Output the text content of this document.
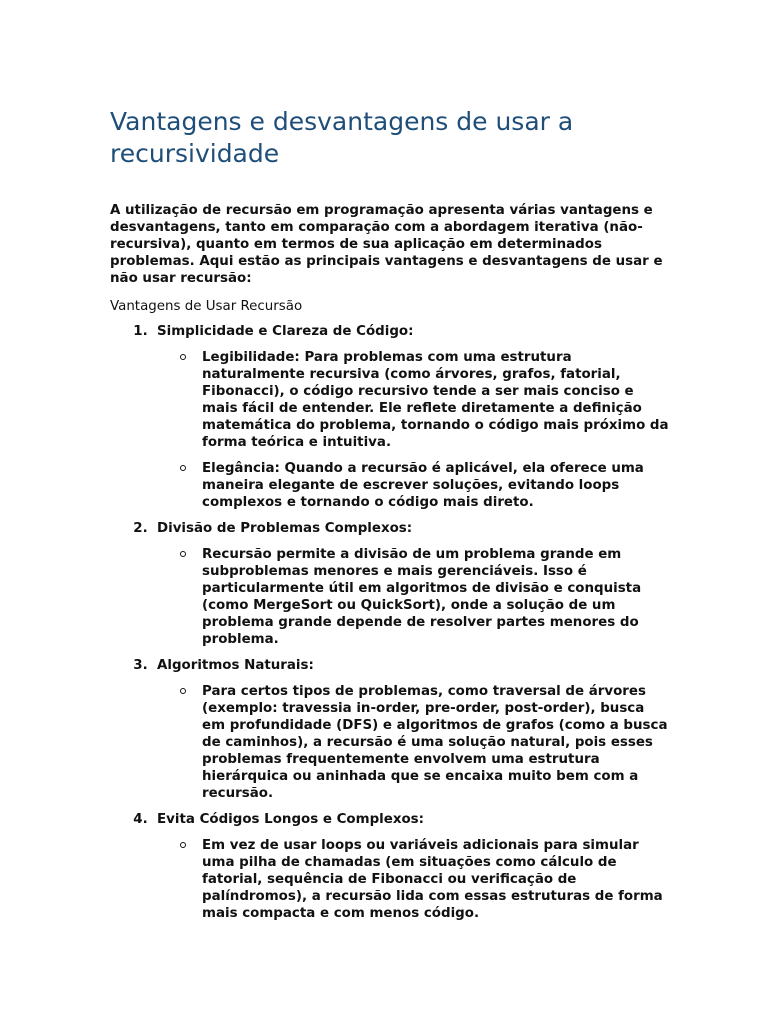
Vantagens e desvantagens de usar a recursividade

A utilização de recursão em programação apresenta várias vantagens e desvantagens, tanto em comparação com a abordagem iterativa (não-recursiva), quanto em termos de sua aplicação em determinados problemas. Aqui estão as principais vantagens e desvantagens de usar e não usar recursão:

Vantagens de Usar Recursão

1. Simplicidade e Clareza de Código:
Legibilidade: Para problemas com uma estrutura naturalmente recursiva (como árvores, grafos, fatorial, Fibonacci), o código recursivo tende a ser mais conciso e mais fácil de entender. Ele reflete diretamente a definição matemática do problema, tornando o código mais próximo da forma teórica e intuitiva.
Elegância: Quando a recursão é aplicável, ela oferece uma maneira elegante de escrever soluções, evitando loops complexos e tornando o código mais direto.
2. Divisão de Problemas Complexos:
Recursão permite a divisão de um problema grande em subproblemas menores e mais gerenciáveis. Isso é particularmente útil em algoritmos de divisão e conquista (como MergeSort ou QuickSort), onde a solução de um problema grande depende de resolver partes menores do problema.
3. Algoritmos Naturais:
Para certos tipos de problemas, como traversal de árvores (exemplo: travessia in-order, pre-order, post-order), busca em profundidade (DFS) e algoritmos de grafos (como a busca de caminhos), a recursão é uma solução natural, pois esses problemas frequentemente envolvem uma estrutura hierárquica ou aninhada que se encaixa muito bem com a recursão.
4. Evita Códigos Longos e Complexos:
Em vez de usar loops ou variáveis adicionais para simular uma pilha de chamadas (em situações como cálculo de fatorial, sequência de Fibonacci ou verificação de palíndromos), a recursão lida com essas estruturas de forma mais compacta e com menos código.
